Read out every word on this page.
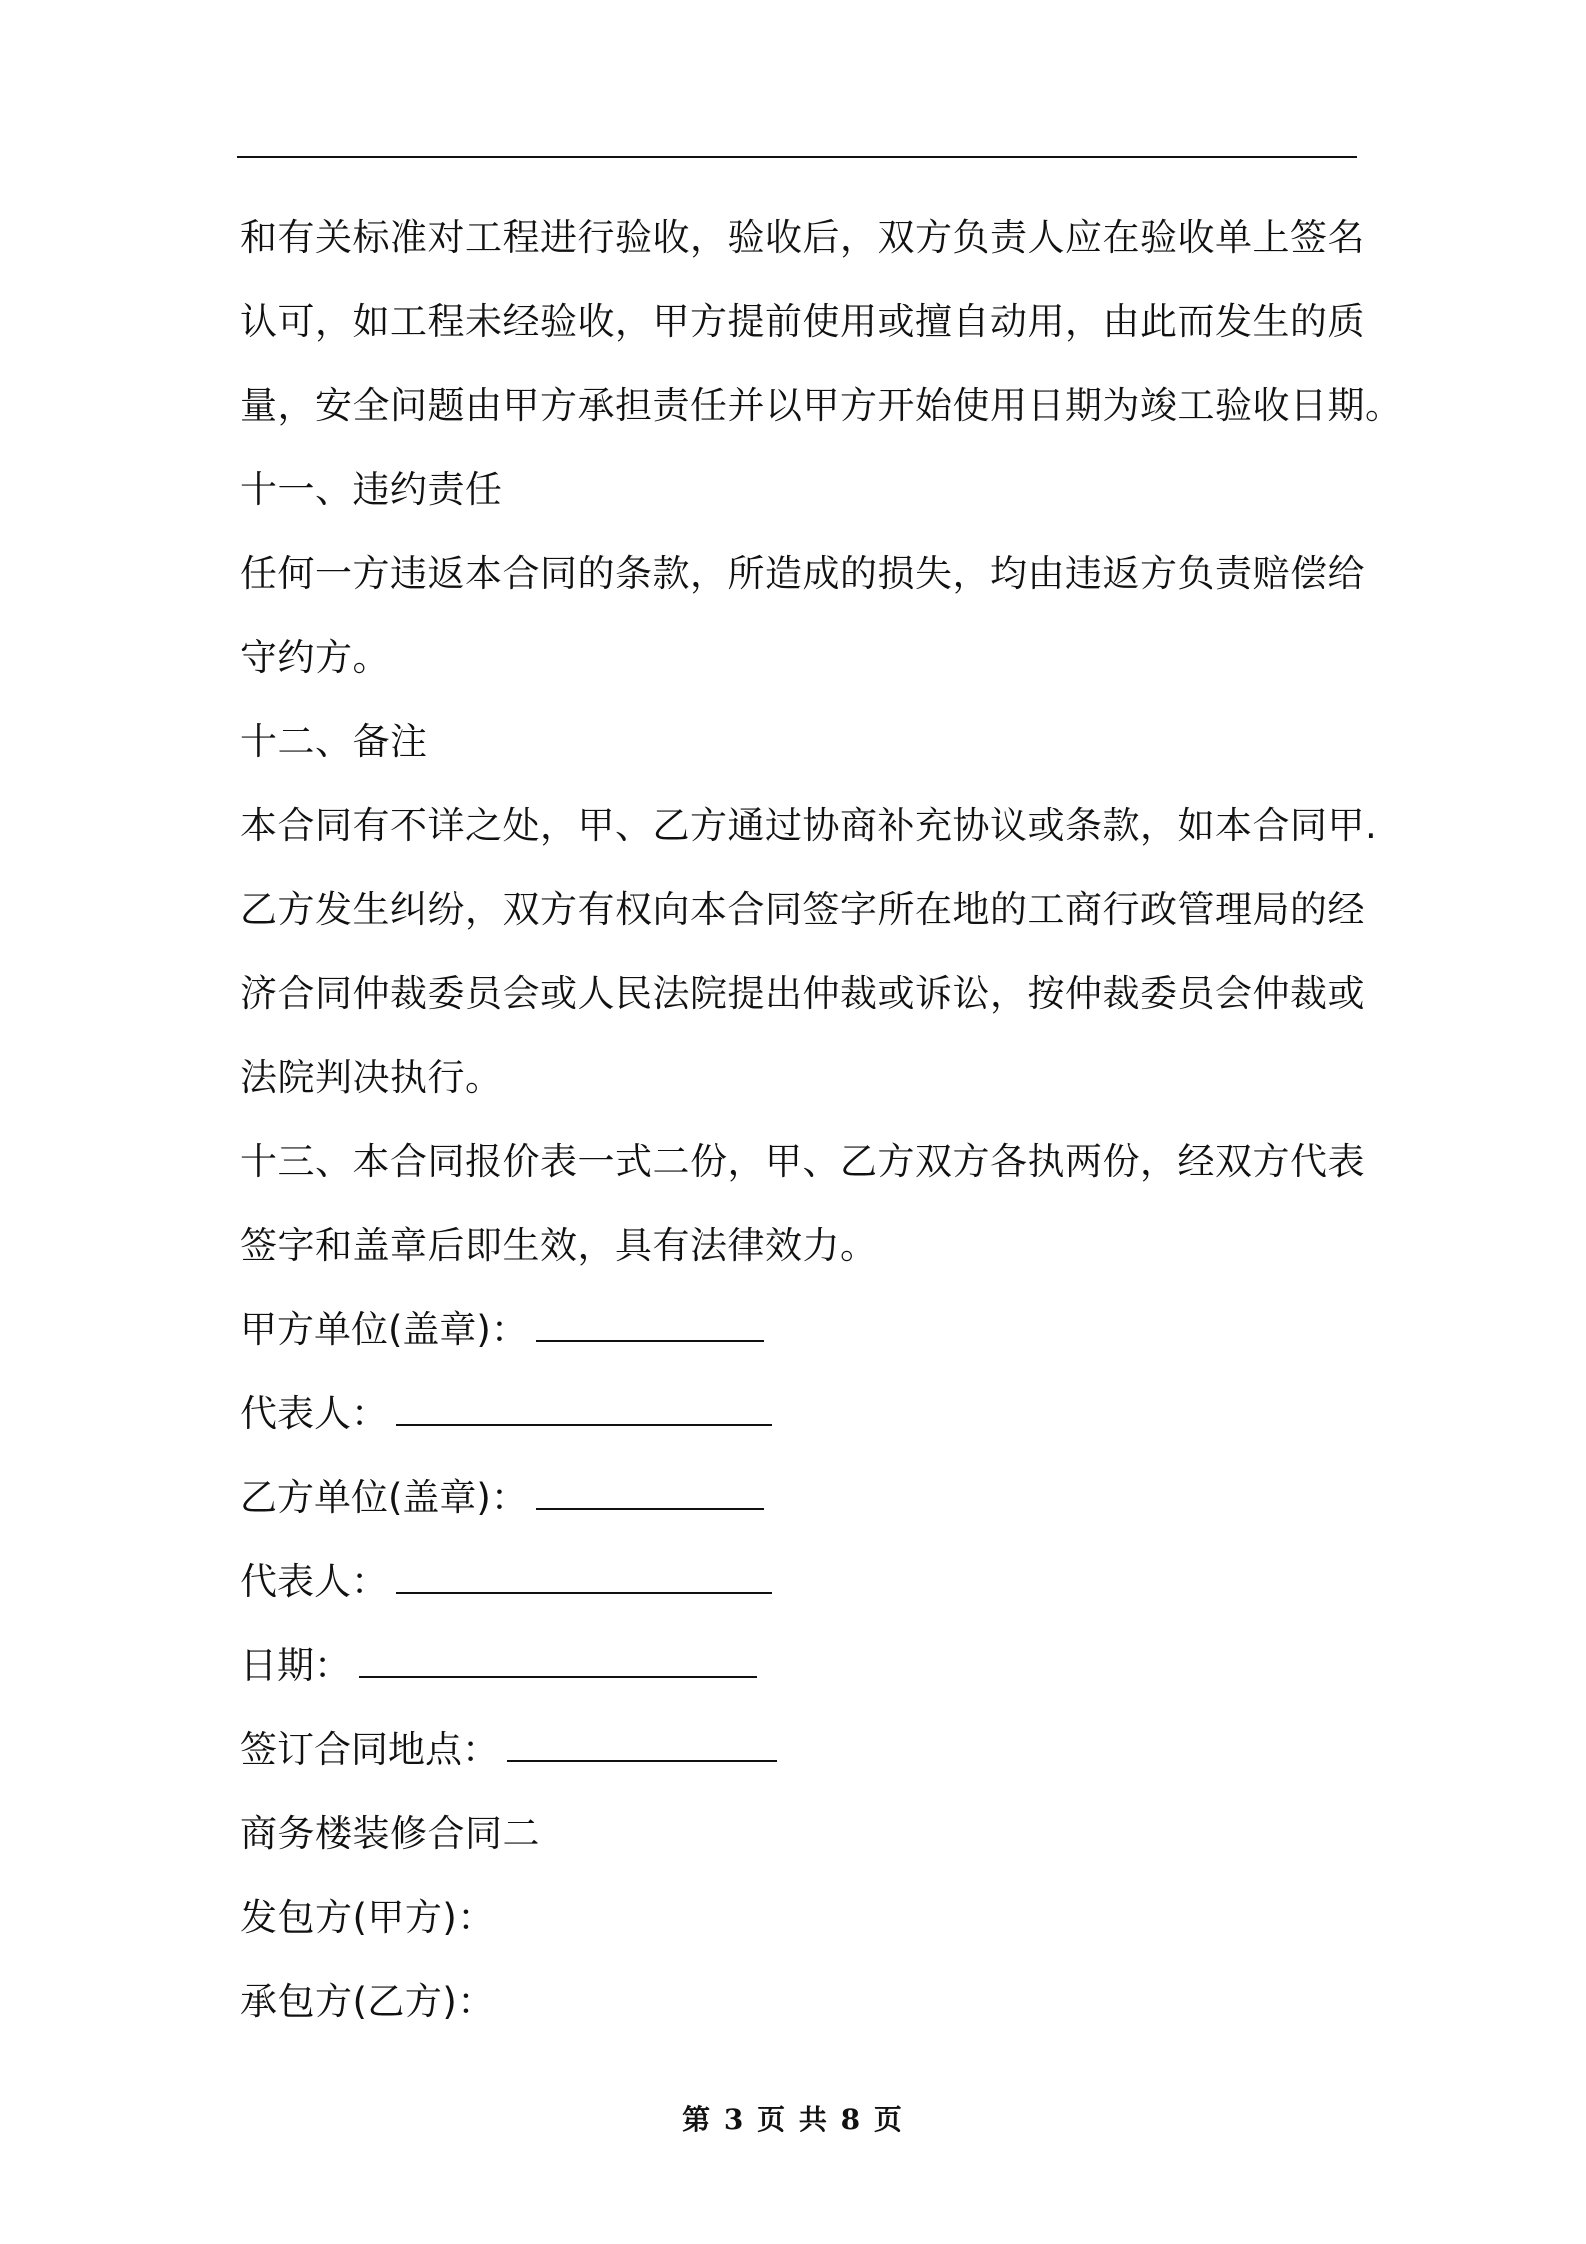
和有关标准对工程进行验收，验收后，双方负责人应在验收单上签名
认可，如工程未经验收，甲方提前使用或擅自动用，由此而发生的质
量，安全问题由甲方承担责任并以甲方开始使用日期为竣工验收日期。
十一、违约责任
任何一方违返本合同的条款，所造成的损失，均由违返方负责赔偿给
守约方。
十二、备注
本合同有不详之处，甲、乙方通过协商补充协议或条款，如本合同甲.
乙方发生纠纷，双方有权向本合同签字所在地的工商行政管理局的经
济合同仲裁委员会或人民法院提出仲裁或诉讼，按仲裁委员会仲裁或
法院判决执行。
十三、本合同报价表一式二份，甲、乙方双方各执两份，经双方代表
签字和盖章后即生效，具有法律效力。
甲方单位(盖章)：
代表人：
乙方单位(盖章)：
代表人：
日期：
签订合同地点：
商务楼装修合同二
发包方(甲方)：
承包方(乙方)：
第 3 页 共 8 页
